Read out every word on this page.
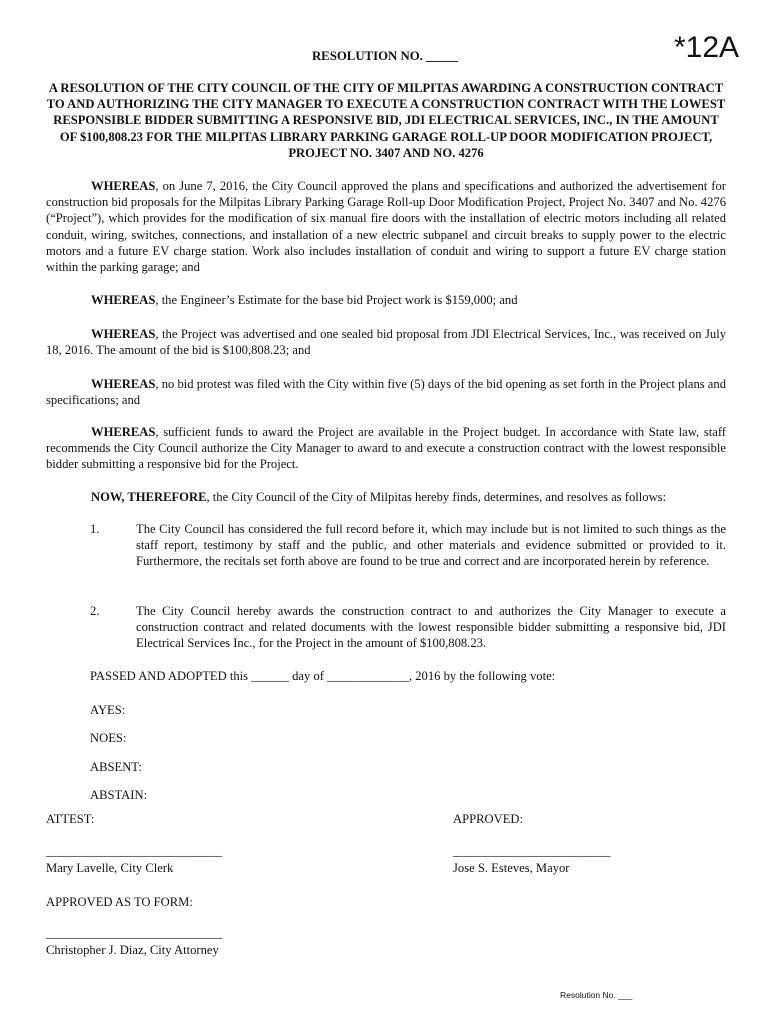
*12A
RESOLUTION NO. _____
A RESOLUTION OF THE CITY COUNCIL OF THE CITY OF MILPITAS AWARDING A CONSTRUCTION CONTRACT TO AND AUTHORIZING THE CITY MANAGER TO EXECUTE A CONSTRUCTION CONTRACT WITH THE LOWEST RESPONSIBLE BIDDER SUBMITTING A RESPONSIVE BID, JDI ELECTRICAL SERVICES, INC., IN THE AMOUNT OF $100,808.23 FOR THE MILPITAS LIBRARY PARKING GARAGE ROLL-UP DOOR MODIFICATION PROJECT, PROJECT NO. 3407 AND NO. 4276

WHEREAS, on June 7, 2016, the City Council approved the plans and specifications and authorized the advertisement for construction bid proposals for the Milpitas Library Parking Garage Roll-up Door Modification Project, Project No. 3407 and No. 4276 (“Project”), which provides for the modification of six manual fire doors with the installation of electric motors including all related conduit, wiring, switches, connections, and installation of a new electric subpanel and circuit breaks to supply power to the electric motors and a future EV charge station. Work also includes installation of conduit and wiring to support a future EV charge station within the parking garage; and

WHEREAS, the Engineer’s Estimate for the base bid Project work is $159,000; and

WHEREAS, the Project was advertised and one sealed bid proposal from JDI Electrical Services, Inc., was received on July 18, 2016. The amount of the bid is $100,808.23; and

WHEREAS, no bid protest was filed with the City within five (5) days of the bid opening as set forth in the Project plans and specifications; and

WHEREAS, sufficient funds to award the Project are available in the Project budget. In accordance with State law, staff recommends the City Council authorize the City Manager to award to and execute a construction contract with the lowest responsible bidder submitting a responsive bid for the Project.

NOW, THEREFORE, the City Council of the City of Milpitas hereby finds, determines, and resolves as follows:

1.	The City Council has considered the full record before it, which may include but is not limited to such things as the staff report, testimony by staff and the public, and other materials and evidence submitted or provided to it. Furthermore, the recitals set forth above are found to be true and correct and are incorporated herein by reference.
2.	The City Council hereby awards the construction contract to and authorizes the City Manager to execute a construction contract and related documents with the lowest responsible bidder submitting a responsive bid, JDI Electrical Services Inc., for the Project in the amount of $100,808.23.
PASSED AND ADOPTED this ______ day of _____________, 2016 by the following vote:
AYES:
NOES:
ABSENT:
ABSTAIN:
ATTEST:	APPROVED:
____________________________	_________________________
Mary Lavelle, City Clerk	Jose S. Esteves, Mayor
APPROVED AS TO FORM:
____________________________
Christopher J. Diaz, City Attorney
Resolution No. ___
